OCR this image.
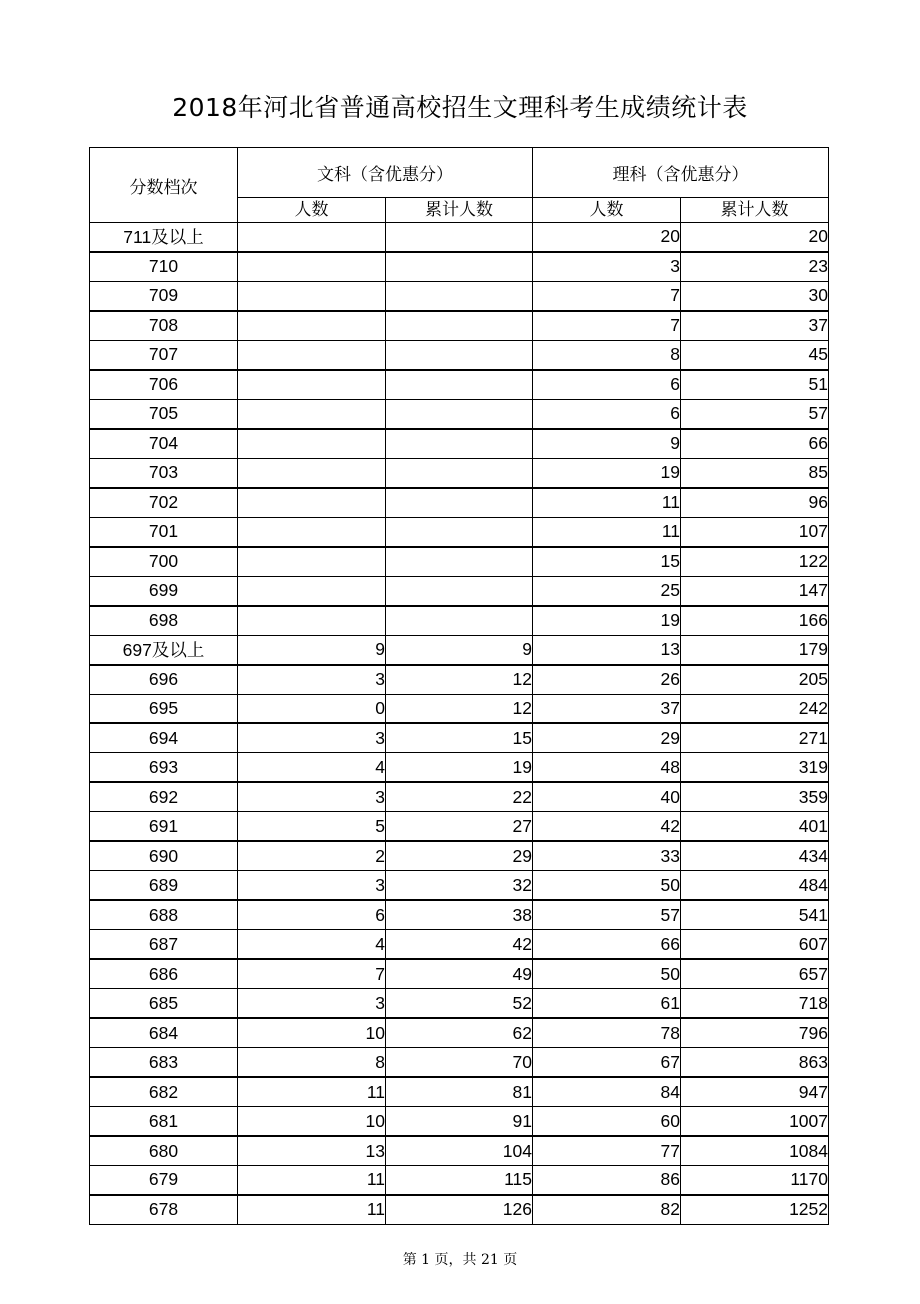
2018年河北省普通高校招生文理科考生成绩统计表
分数档次	文科（含优惠分）		理科（含优惠分）	
	人数	累计人数	人数	累计人数
711及以上			20	20
710			3	23
709			7	30
708			7	37
707			8	45
706			6	51
705			6	57
704			9	66
703			19	85
702			11	96
701			11	107
700			15	122
699			25	147
698			19	166
697及以上	9	9	13	179
696	3	12	26	205
695	0	12	37	242
694	3	15	29	271
693	4	19	48	319
692	3	22	40	359
691	5	27	42	401
690	2	29	33	434
689	3	32	50	484
688	6	38	57	541
687	4	42	66	607
686	7	49	50	657
685	3	52	61	718
684	10	62	78	796
683	8	70	67	863
682	11	81	84	947
681	10	91	60	1007
680	13	104	77	1084
679	11	115	86	1170
678	11	126	82	1252
第 1 页，共 21 页
